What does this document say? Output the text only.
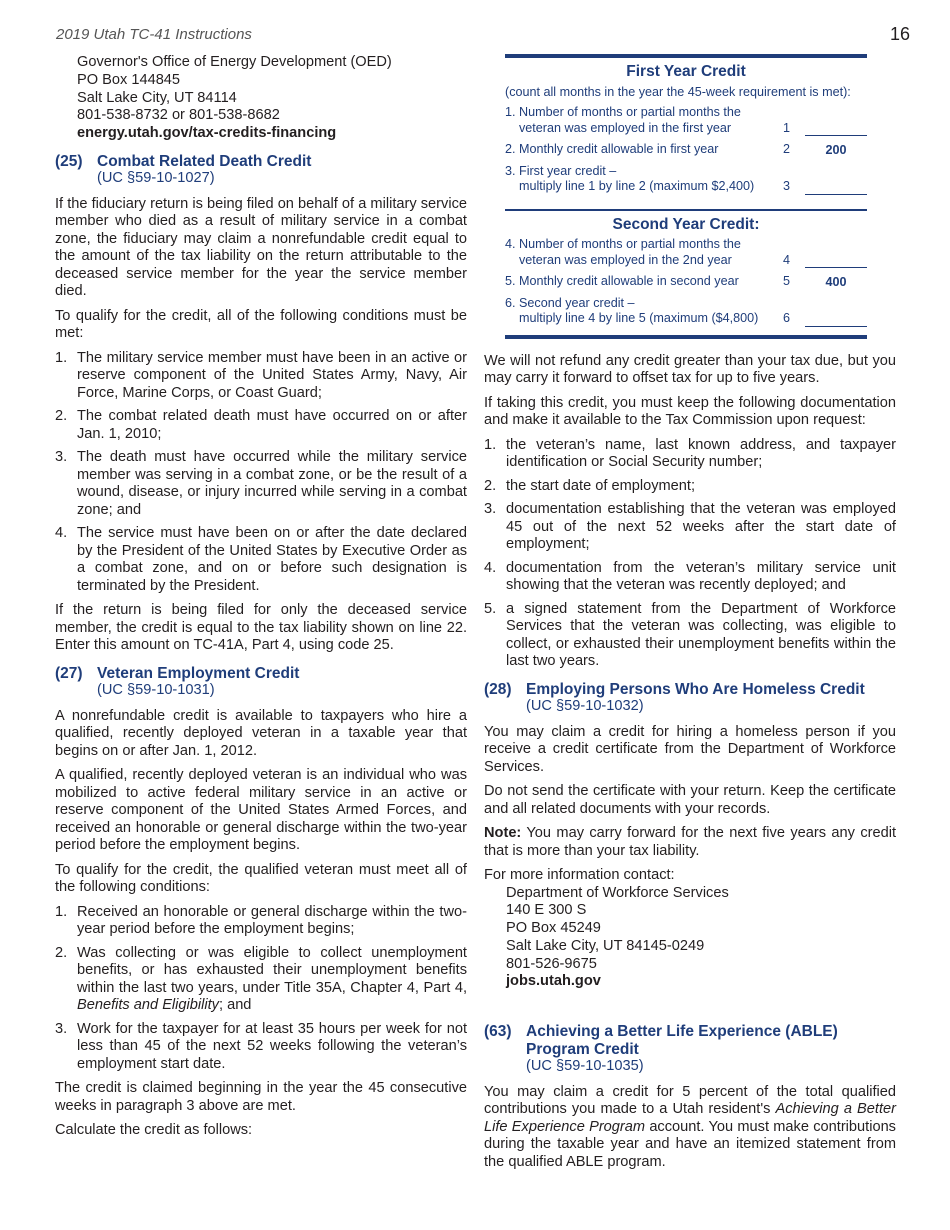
2019 Utah TC-41 Instructions	16
Governor's Office of Energy Development (OED)
PO Box 144845
Salt Lake City, UT 84114
801-538-8732 or 801-538-8682
energy.utah.gov/tax-credits-financing
(25) Combat Related Death Credit
(UC §59-10-1027)

If the fiduciary return is being filed on behalf of a military service member who died as a result of military service in a combat zone, the fiduciary may claim a nonrefundable credit equal to the amount of the tax liability on the return attributable to the deceased service member for the year the service member died.

To qualify for the credit, all of the following conditions must be met:

1. The military service member must have been in an active or reserve component of the United States Army, Navy, Air Force, Marine Corps, or Coast Guard;
2. The combat related death must have occurred on or after Jan. 1, 2010;
3. The death must have occurred while the military service member was serving in a combat zone, or be the result of a wound, disease, or injury incurred while serving in a combat zone; and
4. The service must have been on or after the date declared by the President of the United States by Executive Order as a combat zone, and on or before such designation is terminated by the President.

If the return is being filed for only the deceased service member, the credit is equal to the tax liability shown on line 22. Enter this amount on TC-41A, Part 4, using code 25.

(27) Veteran Employment Credit
(UC §59-10-1031)

A nonrefundable credit is available to taxpayers who hire a qualified, recently deployed veteran in a taxable year that begins on or after Jan. 1, 2012.

A qualified, recently deployed veteran is an individual who was mobilized to active federal military service in an active or reserve component of the United States Armed Forces, and received an honorable or general discharge within the two-year period before the employment begins.

To qualify for the credit, the qualified veteran must meet all of the following conditions:

1. Received an honorable or general discharge within the two-year period before the employment begins;
2. Was collecting or was eligible to collect unemployment benefits, or has exhausted their unemployment benefits within the last two years, under Title 35A, Chapter 4, Part 4, Benefits and Eligibility; and
3. Work for the taxpayer for at least 35 hours per week for not less than 45 of the next 52 weeks following the veteran’s employment start date.

The credit is claimed beginning in the year the 45 consecutive weeks in paragraph 3 above are met.

Calculate the credit as follows:

First Year Credit
(count all months in the year the 45-week requirement is met):
1. Number of months or partial months the
veteran was employed in the first year	1
2. Monthly credit allowable in first year	2	200
3. First year credit –
multiply line 1 by line 2 (maximum $2,400)	3
Second Year Credit:
4. Number of months or partial months the
veteran was employed in the 2nd year	4
5. Monthly credit allowable in second year	5	400
6. Second year credit –
multiply line 4 by line 5 (maximum ($4,800)	6

We will not refund any credit greater than your tax due, but you may carry it forward to offset tax for up to five years.

If taking this credit, you must keep the following documentation and make it available to the Tax Commission upon request:

1. the veteran’s name, last known address, and taxpayer identification or Social Security number;
2. the start date of employment;
3. documentation establishing that the veteran was employed 45 out of the next 52 weeks after the start date of employment;
4. documentation from the veteran’s military service unit showing that the veteran was recently deployed; and
5. a signed statement from the Department of Workforce Services that the veteran was collecting, was eligible to collect, or exhausted their unemployment benefits within the last two years.
(28) Employing Persons Who Are Homeless Credit
(UC §59-10-1032)

You may claim a credit for hiring a homeless person if you receive a credit certificate from the Department of Workforce Services.

Do not send the certificate with your return. Keep the certificate and all related documents with your records.

Note: You may carry forward for the next five years any credit that is more than your tax liability.

For more information contact:
Department of Workforce Services
140 E 300 S
PO Box 45249
Salt Lake City, UT 84145-0249
801-526-9675
jobs.utah.gov
(63) Achieving a Better Life Experience (ABLE)
Program Credit
(UC §59-10-1035)

You may claim a credit for 5 percent of the total qualified contributions you made to a Utah resident's Achieving a Better Life Experience Program account. You must make contributions during the taxable year and have an itemized statement from the qualified ABLE program.
